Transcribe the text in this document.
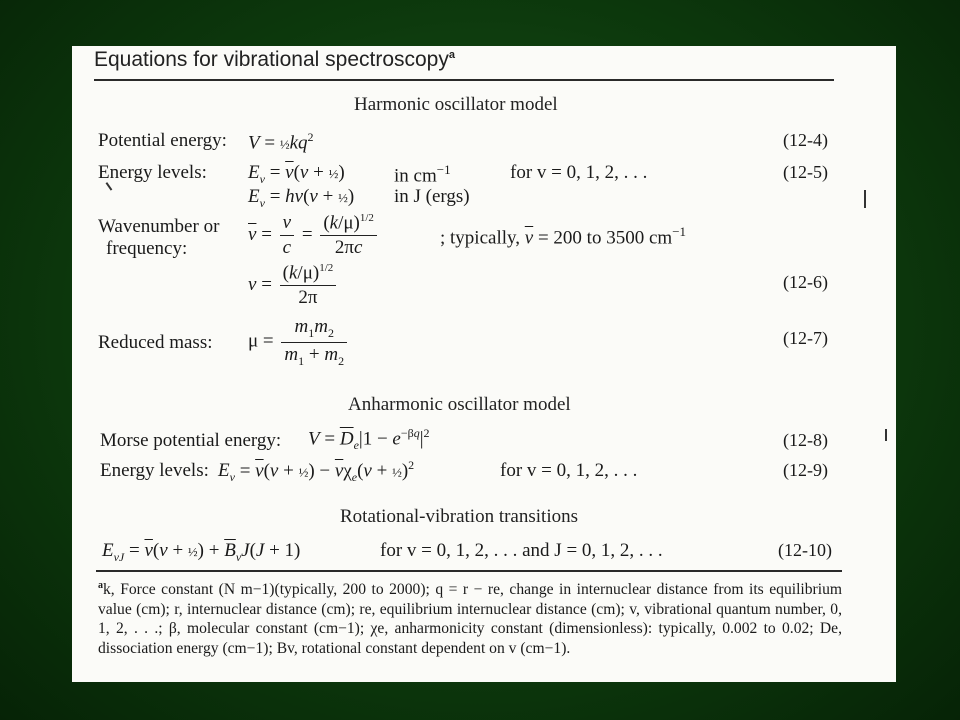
Equations for vibrational spectroscopy$^a$
Harmonic oscillator model
Potential energy: $V = \frac{1}{2}kq^2$	(12-4)
Energy levels: $E_v = \overline{\nu}(v$ + ½)	in $cm^{-1}$	for v = 0, 1, 2, . . .	(12-5)
$E_v = h\nu(v$ + ½) in J (ergs)
Wavenumber or
frequency:
$\overline{\nu} = \frac{\nu}{c} = \frac{(k/\mu)^{1/2}}{2\pi c}$	; typically, $\overline{\nu} = 200$ to 3500 $cm^{-1}$
$\nu = \frac{(k/\mu)^{1/2}}{2\pi}$	(12-6)
Reduced mass: $\mu = \frac{m_1m_2}{m_1 + m_2}$	(12-7)
Anharmonic oscillator model
Morse potential energy: $V = \overline{D}_e|1 - e^{-\beta q}|^2$	(12-8)
Energy levels: $E_v = \overline{\nu}(v$ + ½) − $\overline{\nu}\chi_e(v$ + ½)$^2$	for v = 0, 1, 2, . . .	(12-9)
Rotational-vibration transitions
$E_{vJ} = \overline{\nu}(v$ + ½) + $\overline{B}_vJ(J + 1)$	for v = 0, 1, 2, . . . and J = 0, 1, 2, . . .	(12-10)
$^a$k, Force constant (N m−1)(typically, 200 to 2000); q = r − re, change in internuclear distance from its equilibrium value (cm); r, internuclear distance (cm); re, equilibrium internuclear distance (cm); v, vibrational quantum number, 0, 1, 2, . . .; β, molecular constant (cm−1); χe, anharmonicity constant (dimensionless): typically, 0.002 to 0.02; De, dissociation energy (cm−1); Bv, rotational constant dependent on v (cm−1).
